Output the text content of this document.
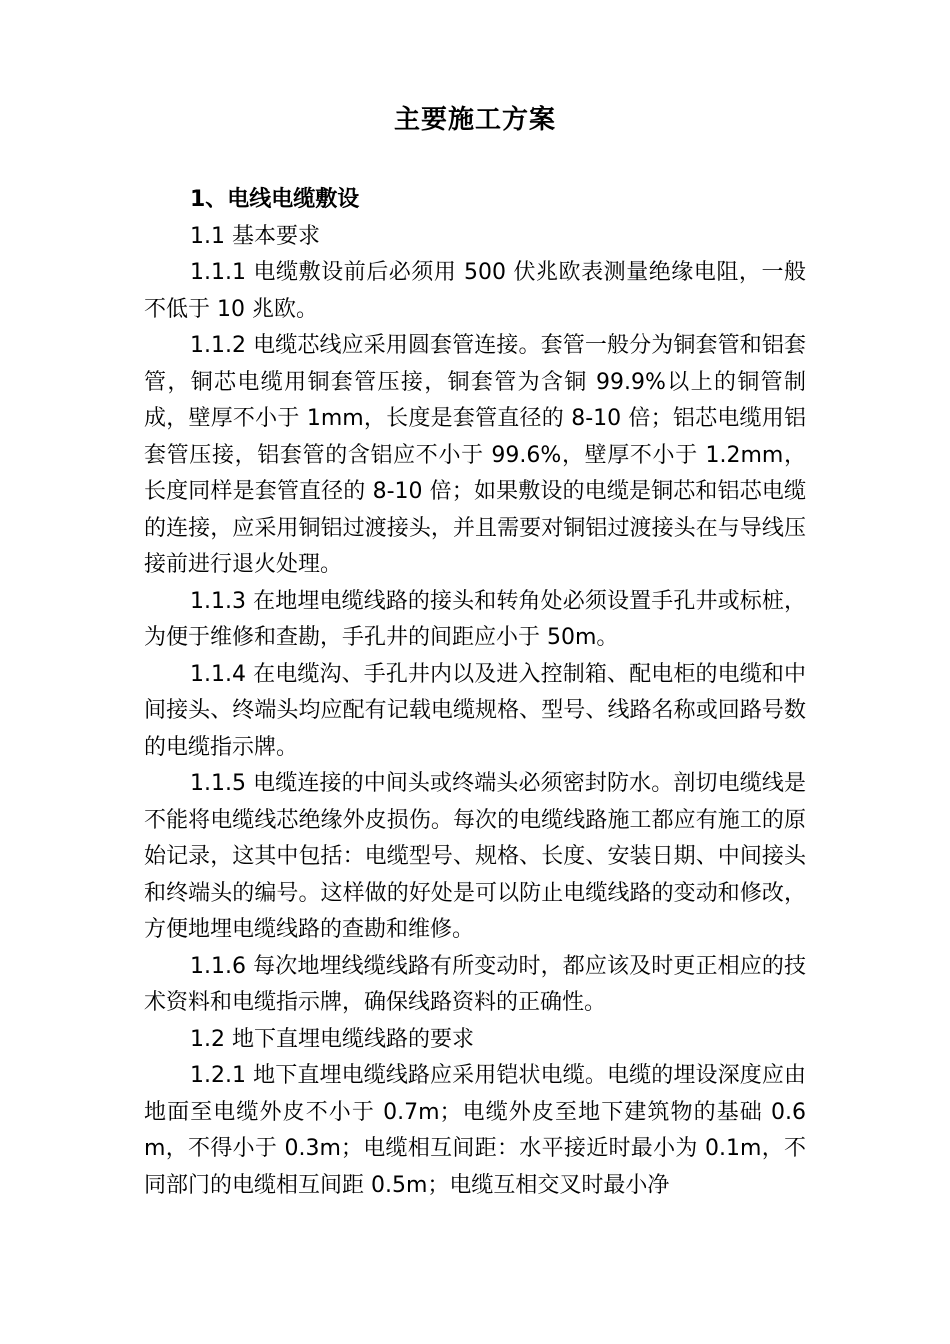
主要施工方案

1、电线电缆敷设

1.1 基本要求

1.1.1 电缆敷设前后必须用 500 伏兆欧表测量绝缘电阻，一般不低于 10 兆欧。

1.1.2 电缆芯线应采用圆套管连接。套管一般分为铜套管和铝套管，铜芯电缆用铜套管压接，铜套管为含铜 99.9%以上的铜管制成，壁厚不小于 1mm，长度是套管直径的 8-10 倍；铝芯电缆用铝套管压接，铝套管的含铝应不小于 99.6%，壁厚不小于 1.2mm，长度同样是套管直径的 8-10 倍；如果敷设的电缆是铜芯和铝芯电缆的连接，应采用铜铝过渡接头，并且需要对铜铝过渡接头在与导线压接前进行退火处理。

1.1.3 在地埋电缆线路的接头和转角处必须设置手孔井或标桩，为便于维修和查勘，手孔井的间距应小于 50m。

1.1.4 在电缆沟、手孔井内以及进入控制箱、配电柜的电缆和中间接头、终端头均应配有记载电缆规格、型号、线路名称或回路号数的电缆指示牌。

1.1.5 电缆连接的中间头或终端头必须密封防水。剖切电缆线是不能将电缆线芯绝缘外皮损伤。每次的电缆线路施工都应有施工的原始记录，这其中包括：电缆型号、规格、长度、安装日期、中间接头和终端头的编号。这样做的好处是可以防止电缆线路的变动和修改，方便地埋电缆线路的查勘和维修。

1.1.6 每次地埋线缆线路有所变动时，都应该及时更正相应的技术资料和电缆指示牌，确保线路资料的正确性。

1.2 地下直埋电缆线路的要求

1.2.1 地下直埋电缆线路应采用铠状电缆。电缆的埋设深度应由地面至电缆外皮不小于 0.7m；电缆外皮至地下建筑物的基础 0.6m，不得小于 0.3m；电缆相互间距：水平接近时最小为 0.1m，不同部门的电缆相互间距 0.5m；电缆互相交叉时最小净
